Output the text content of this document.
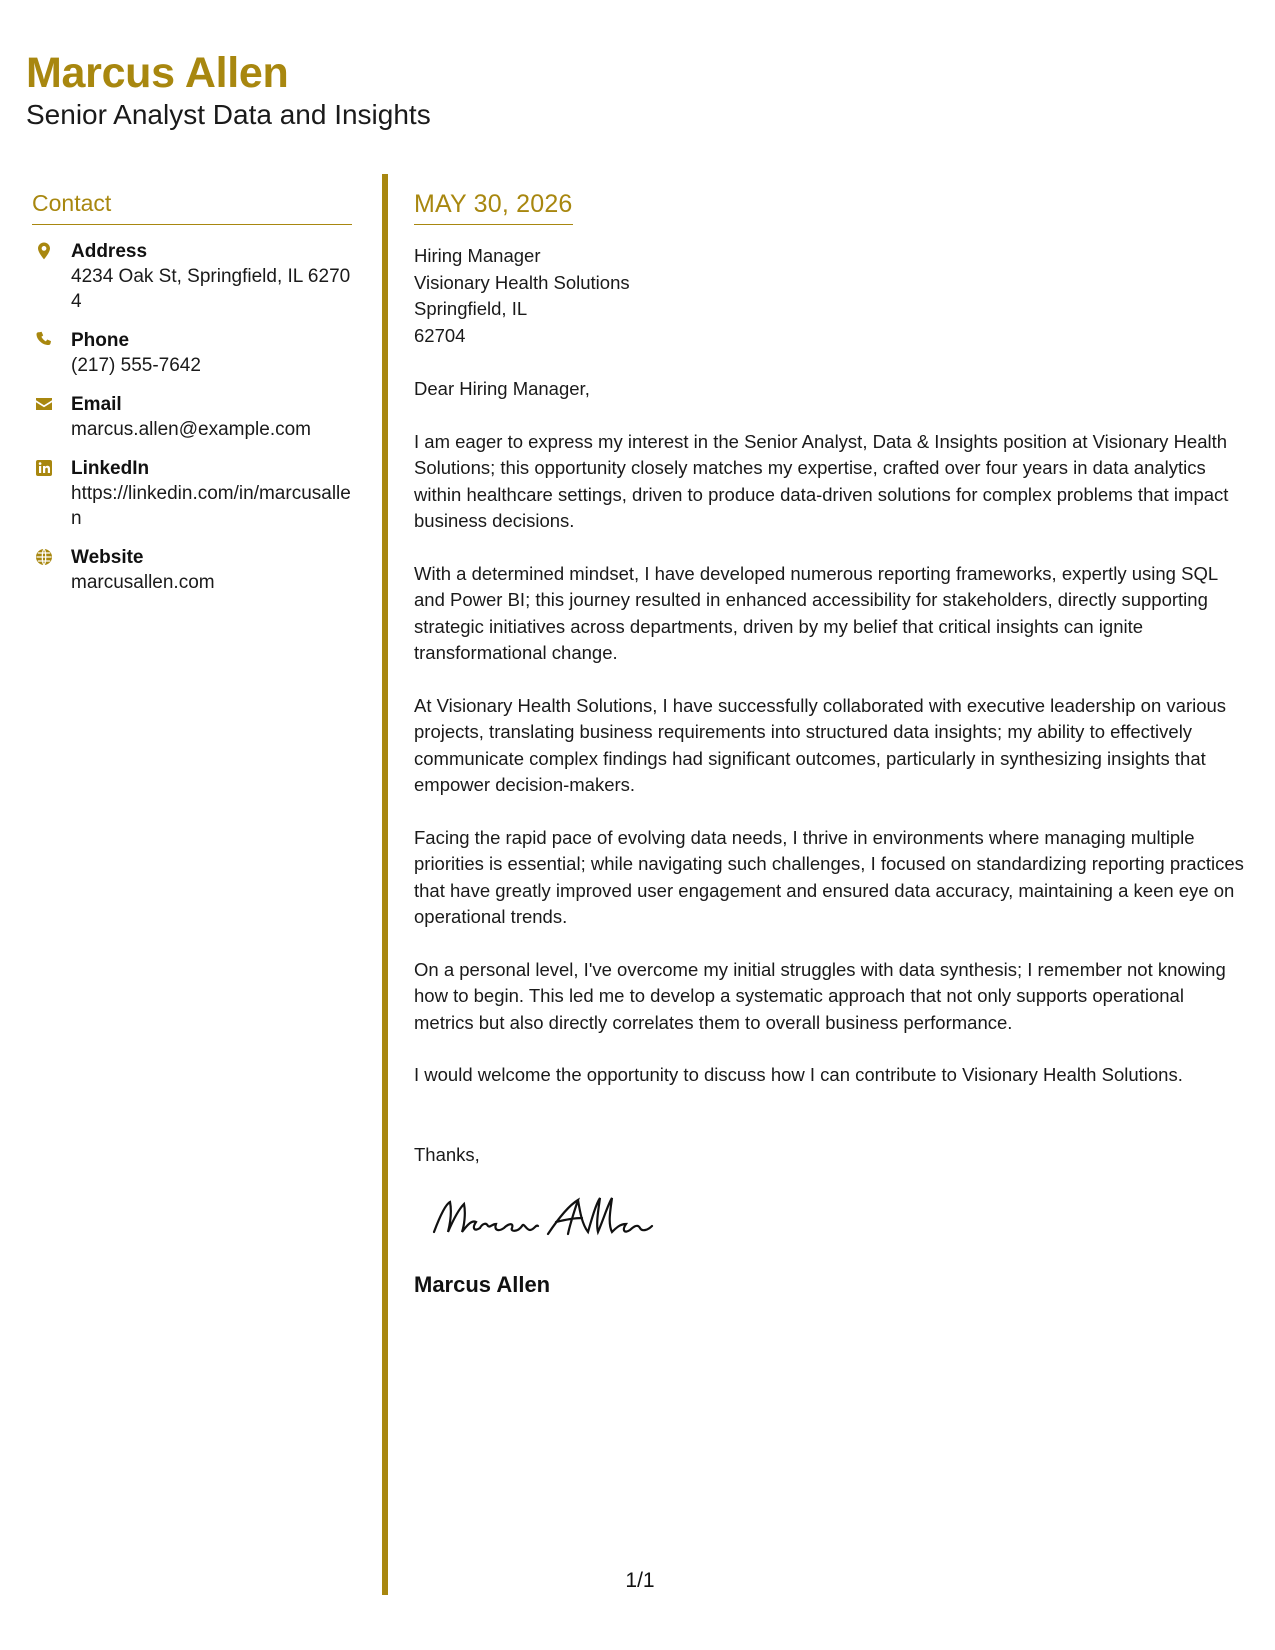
Marcus Allen
Senior Analyst Data and Insights
Contact
Address
4234 Oak St, Springfield, IL 62704
Phone
(217) 555-7642
Email
marcus.allen@example.com
LinkedIn
https://linkedin.com/in/marcusallen
Website
marcusallen.com
MAY 30, 2026
Hiring Manager
Visionary Health Solutions
Springfield, IL
62704
Dear Hiring Manager,
I am eager to express my interest in the Senior Analyst, Data & Insights position at Visionary Health Solutions; this opportunity closely matches my expertise, crafted over four years in data analytics within healthcare settings, driven to produce data-driven solutions for complex problems that impact business decisions.
With a determined mindset, I have developed numerous reporting frameworks, expertly using SQL and Power BI; this journey resulted in enhanced accessibility for stakeholders, directly supporting strategic initiatives across departments, driven by my belief that critical insights can ignite transformational change.
At Visionary Health Solutions, I have successfully collaborated with executive leadership on various projects, translating business requirements into structured data insights; my ability to effectively communicate complex findings had significant outcomes, particularly in synthesizing insights that empower decision-makers.
Facing the rapid pace of evolving data needs, I thrive in environments where managing multiple priorities is essential; while navigating such challenges, I focused on standardizing reporting practices that have greatly improved user engagement and ensured data accuracy, maintaining a keen eye on operational trends.
On a personal level, I've overcome my initial struggles with data synthesis; I remember not knowing how to begin. This led me to develop a systematic approach that not only supports operational metrics but also directly correlates them to overall business performance.
I would welcome the opportunity to discuss how I can contribute to Visionary Health Solutions.
Thanks,
Marcus Allen
1/1
